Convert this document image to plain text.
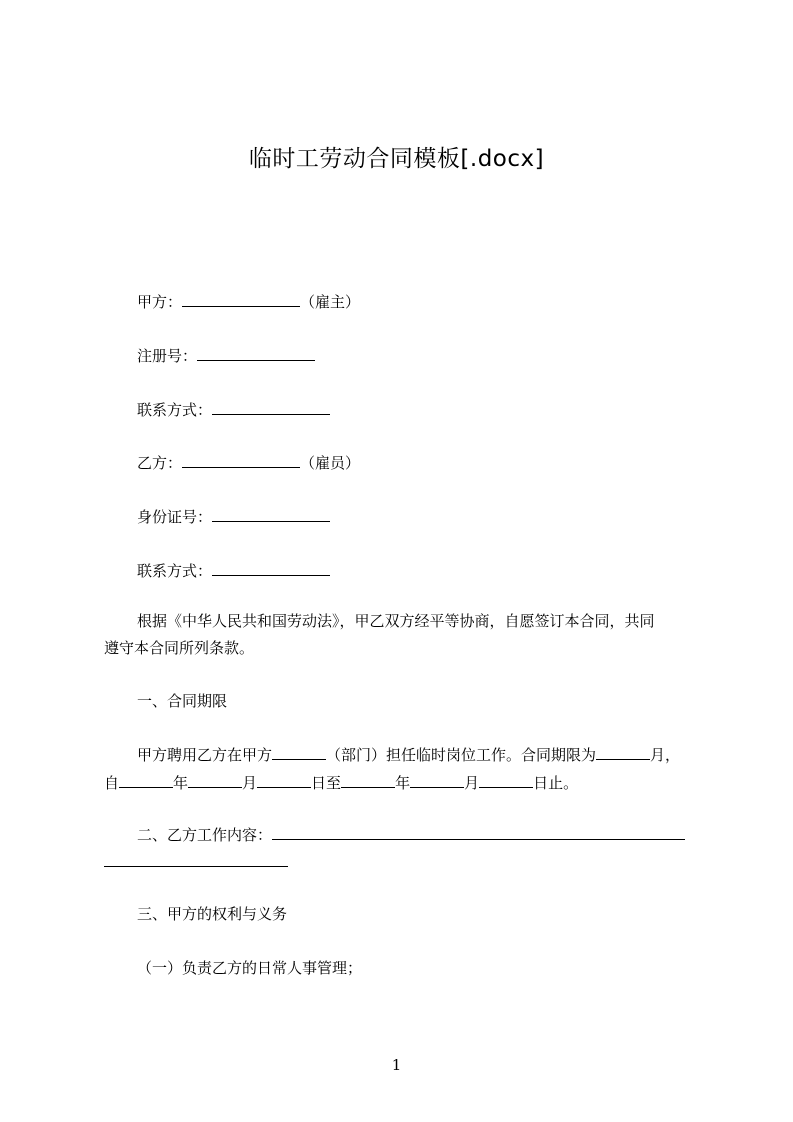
临时工劳动合同模板[.docx]
甲方：	（雇主）
注册号：
联系方式：
乙方：	（雇员）
身份证号：
联系方式：
根据《中华人民共和国劳动法》，甲乙双方经平等协商，自愿签订本合同，共同
遵守本合同所列条款。
一、合同期限
甲方聘用乙方在甲方	（部门）担任临时岗位工作。合同期限为	月，
自	年	月	日至	年	月	日止。
二、乙方工作内容：
三、甲方的权利与义务
（一）负责乙方的日常人事管理；
1
